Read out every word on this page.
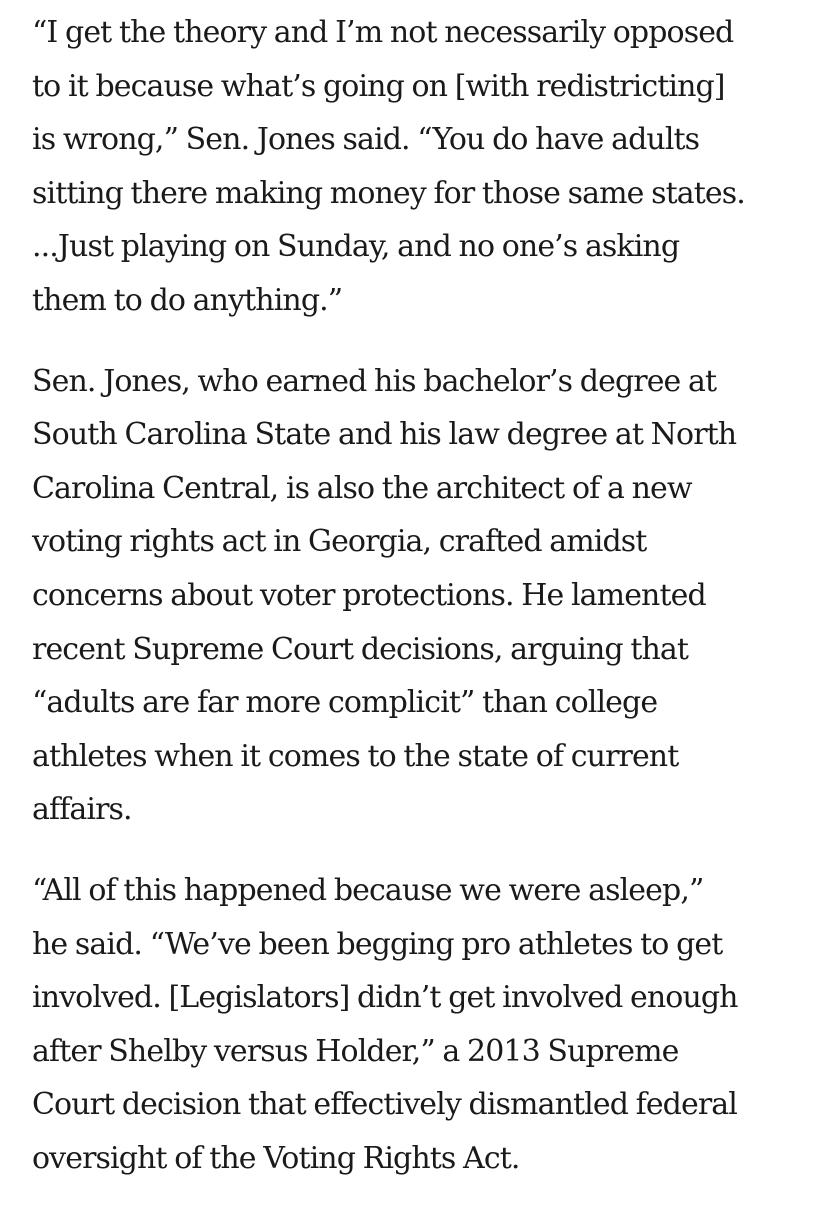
“I get the theory and I’m not necessarily opposed
to it because what’s going on [with redistricting]
is wrong,” Sen. Jones said. “You do have adults
sitting there making money for those same states.
...Just playing on Sunday, and no one’s asking
them to do anything.”

Sen. Jones, who earned his bachelor’s degree at
South Carolina State and his law degree at North
Carolina Central, is also the architect of a new
voting rights act in Georgia, crafted amidst
concerns about voter protections. He lamented
recent Supreme Court decisions, arguing that
“adults are far more complicit” than college
athletes when it comes to the state of current
affairs.

“All of this happened because we were asleep,”
he said. “We’ve been begging pro athletes to get
involved. [Legislators] didn’t get involved enough
after Shelby versus Holder,” a 2013 Supreme
Court decision that effectively dismantled federal
oversight of the Voting Rights Act.
